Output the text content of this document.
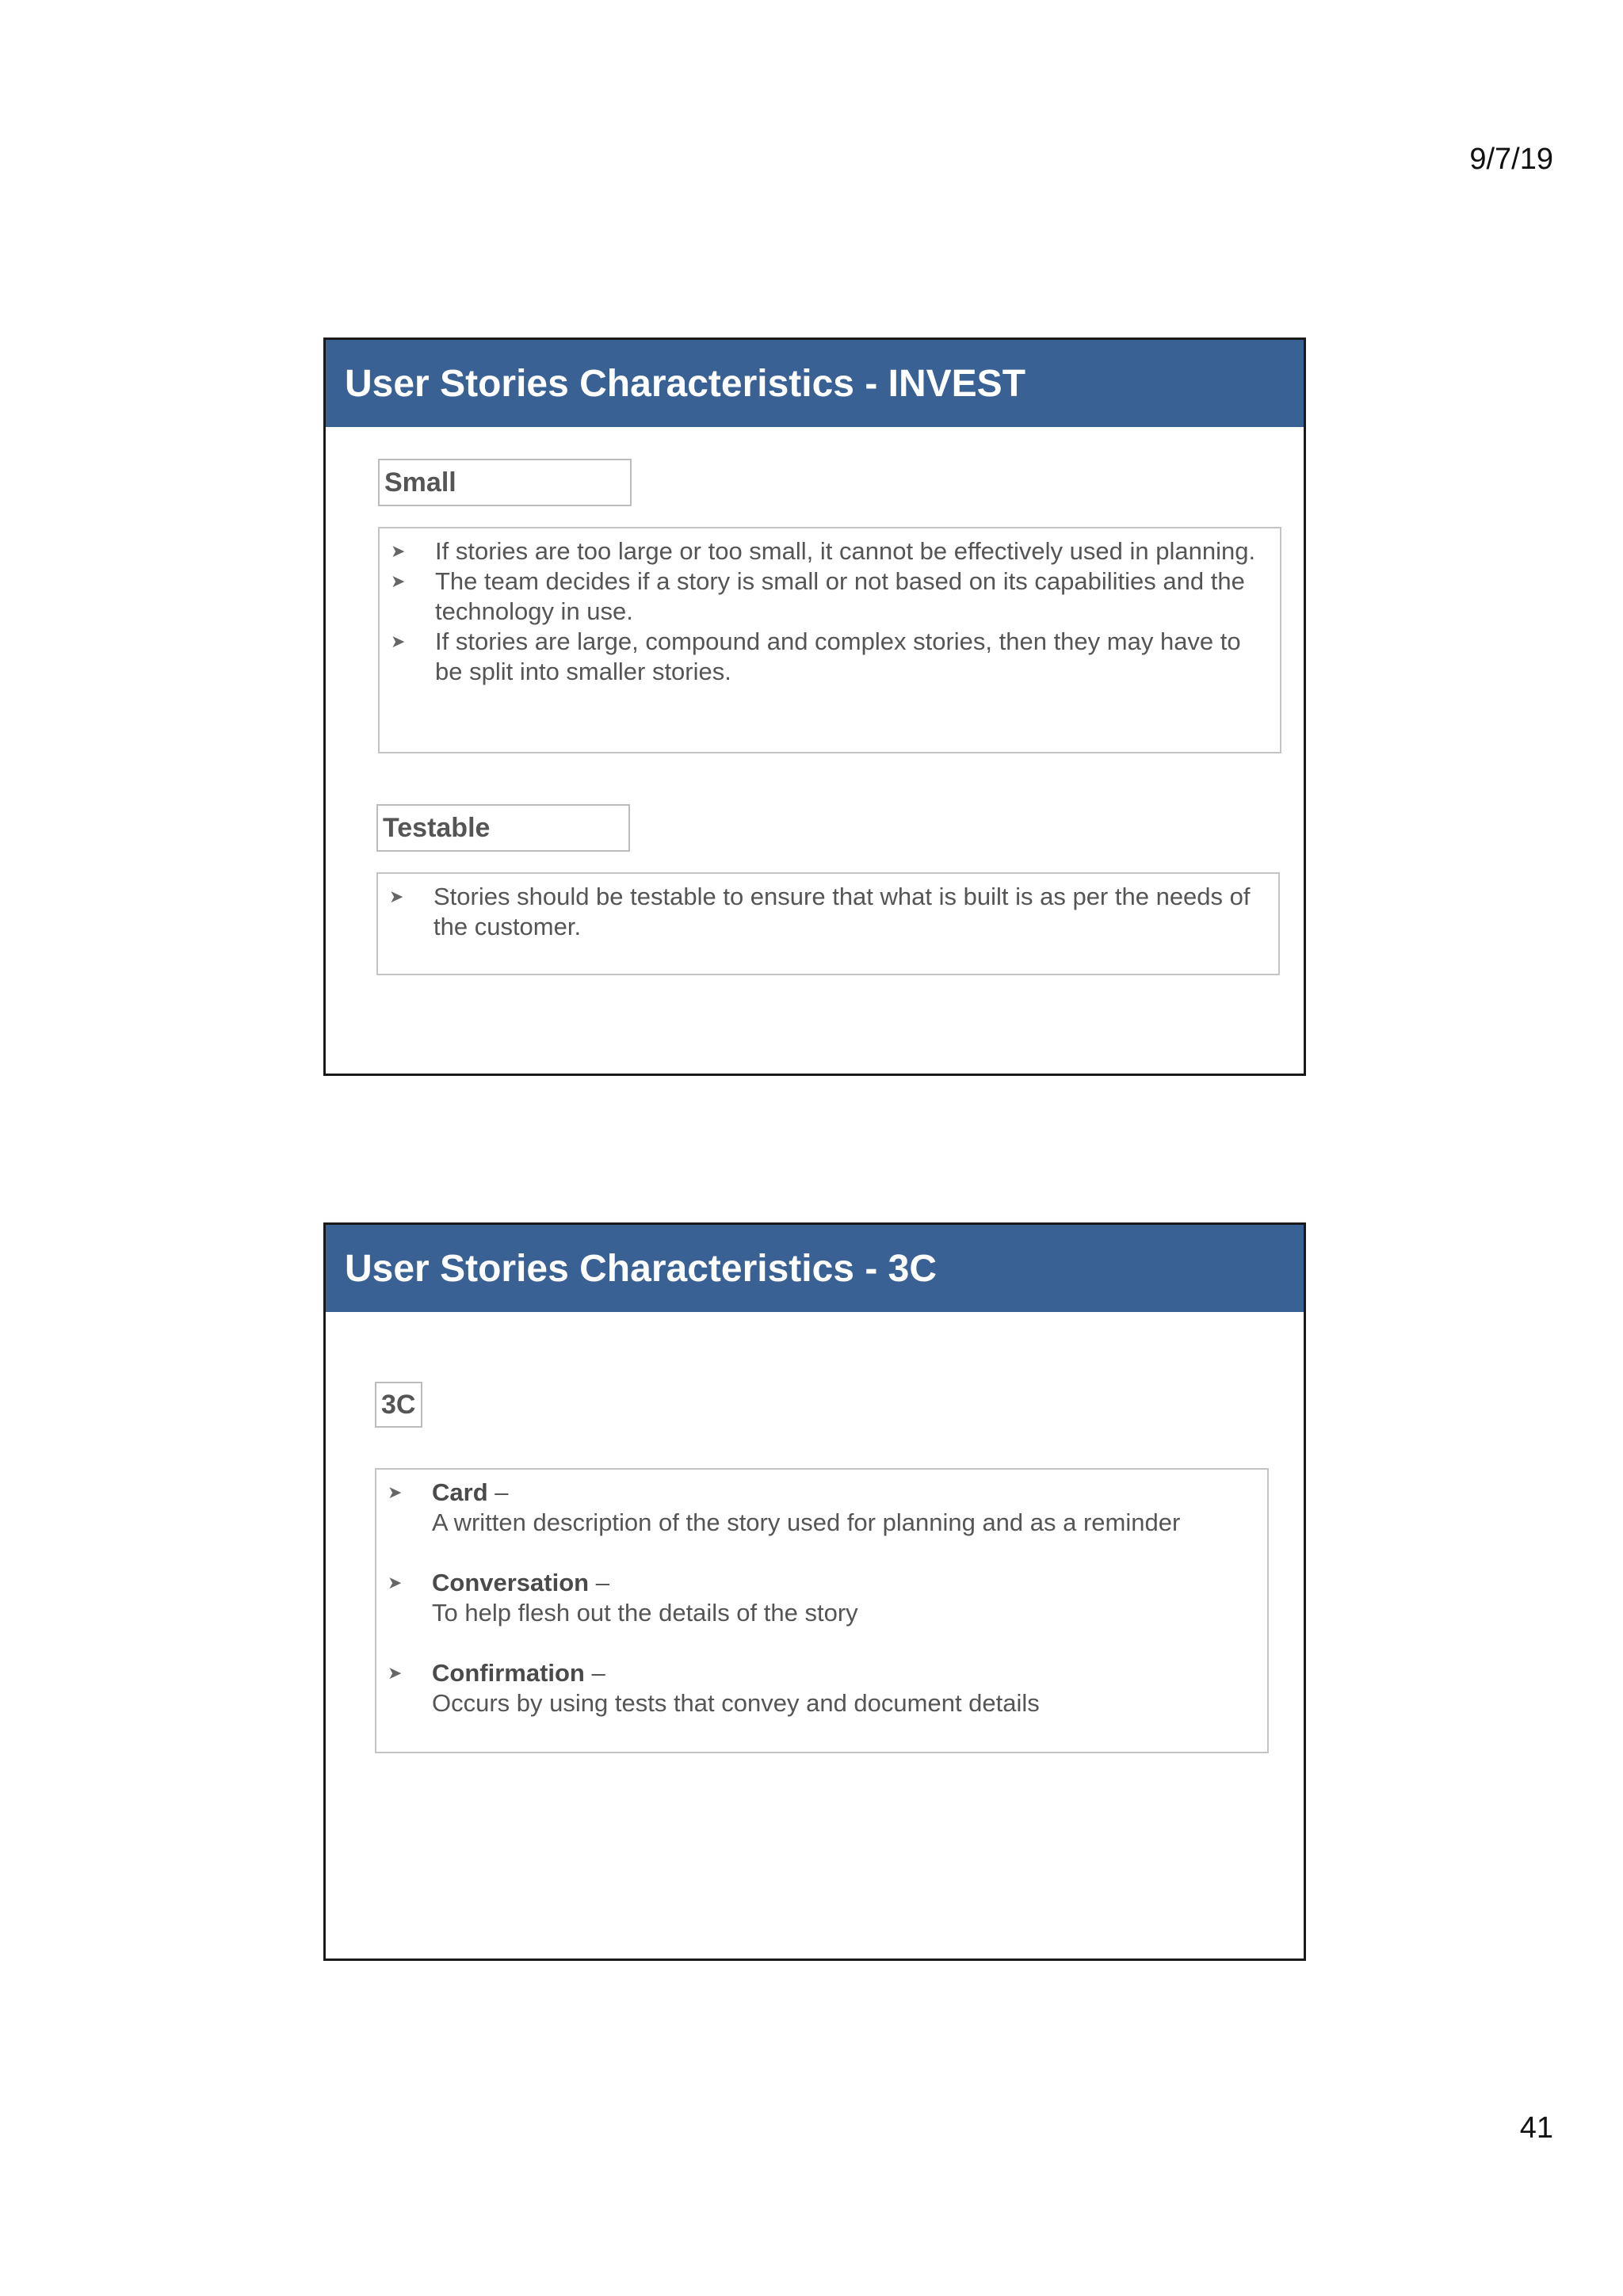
9/7/19
User Stories Characteristics - INVEST
Small
➤	If stories are too large or too small, it cannot be effectively used in planning.
➤	The team decides if a story is small or not based on its capabilities and the technology in use.
➤	If stories are large, compound and complex stories, then they may have to be split into smaller stories.
Testable
➤	Stories should be testable to ensure that what is built is as per the needs of the customer.
User Stories Characteristics - 3C
3C
➤	Card –
A written description of the story used for planning and as a reminder
➤	Conversation –
To help flesh out the details of the story
➤	Confirmation –
Occurs by using tests that convey and document details
41
